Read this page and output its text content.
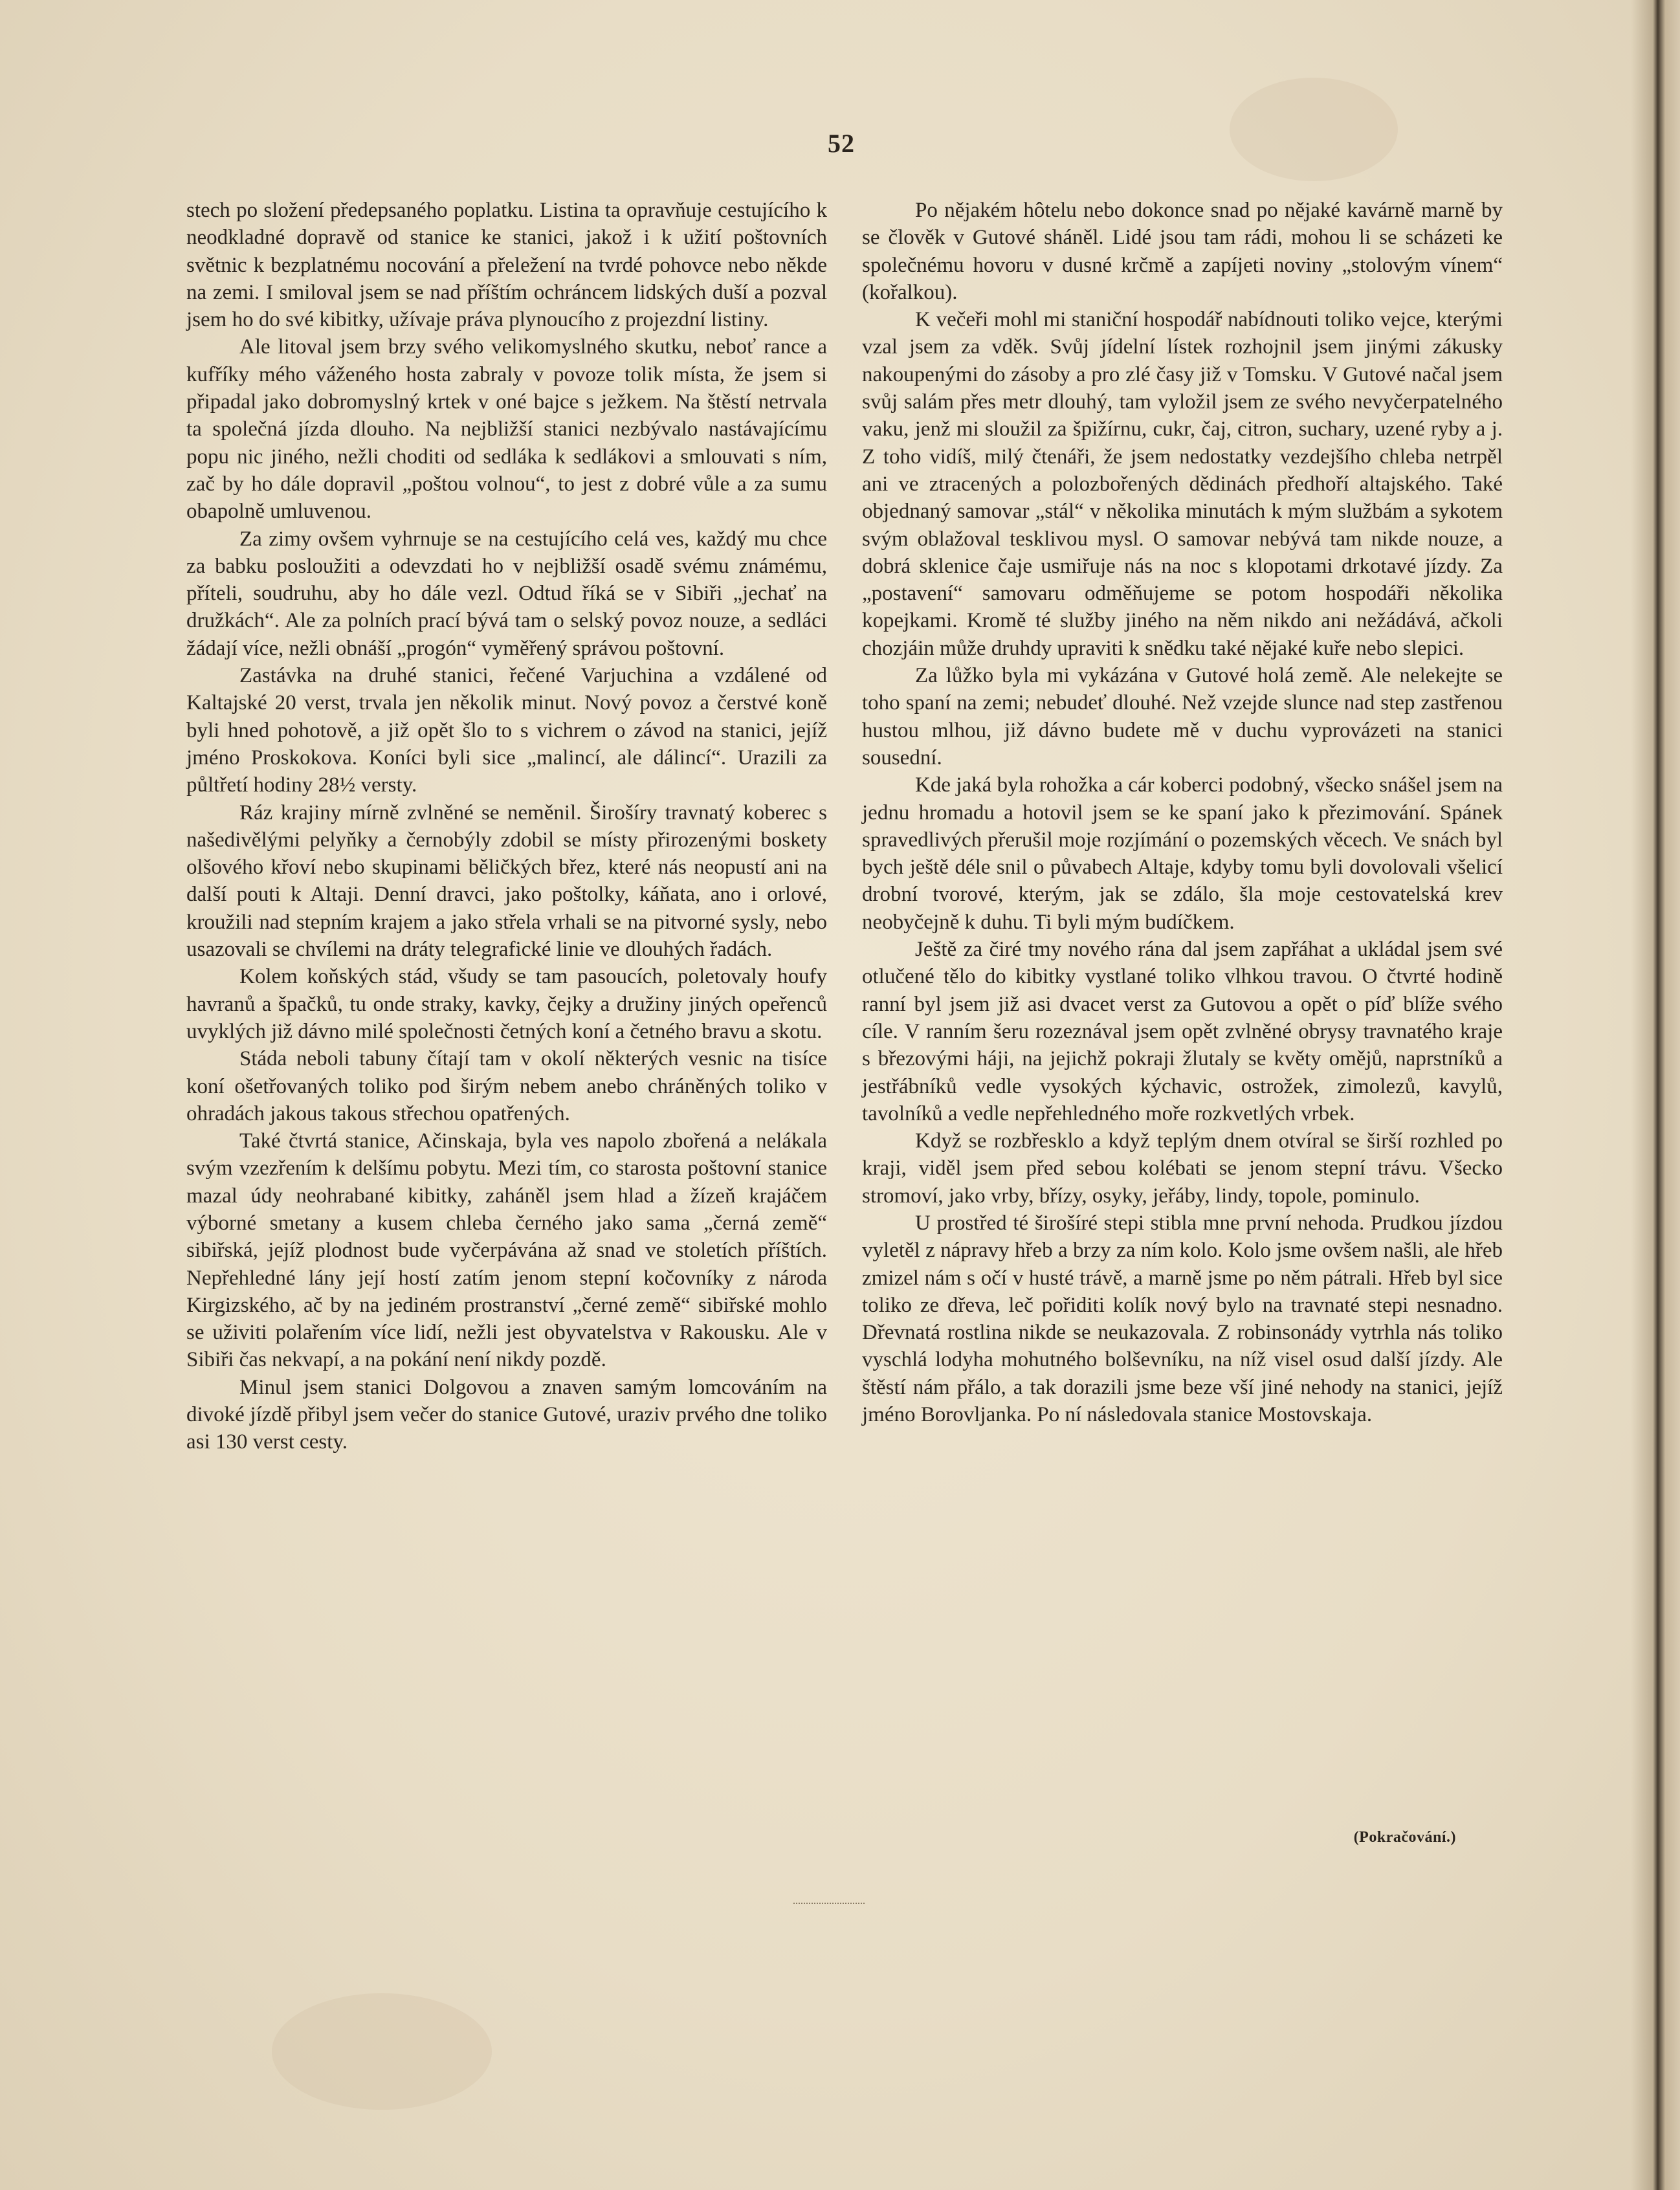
52

stech po složení předepsaného poplatku. Listina ta opravňuje cestujícího k neodkladné dopravě od stanice ke stanici, jakož i k užití poštovních světnic k bezplatnému nocování a přeležení na tvrdé pohovce nebo někde na zemi. I smiloval jsem se nad příštím ochráncem lidských duší a pozval jsem ho do své kibitky, užívaje práva plynoucího z projezdní listiny.

Ale litoval jsem brzy svého velikomyslného skutku, neboť rance a kufříky mého váženého hosta zabraly v povoze tolik místa, že jsem si připadal jako dobromyslný krtek v oné bajce s ježkem. Na štěstí netrvala ta společná jízda dlouho. Na nejbližší stanici nezbývalo nastávajícímu popu nic jiného, nežli choditi od sedláka k sedlákovi a smlouvati s ním, zač by ho dále dopravil „poštou volnou“, to jest z dobré vůle a za sumu obapolně umluvenou.

Za zimy ovšem vyhrnuje se na cestujícího celá ves, každý mu chce za babku posloužiti a odevzdati ho v nejbližší osadě svému známému, příteli, soudruhu, aby ho dále vezl. Odtud říká se v Sibiři „jechať na družkách“. Ale za polních prací bývá tam o selský povoz nouze, a sedláci žádají více, nežli obnáší „progón“ vyměřený správou poštovní.

Zastávka na druhé stanici, řečené Varjuchina a vzdálené od Kaltajské 20 verst, trvala jen několik minut. Nový povoz a čerstvé koně byli hned pohotově, a již opět šlo to s vichrem o závod na stanici, jejíž jméno Proskokova. Koníci byli sice „malincí, ale dálincí“. Urazili za půltřetí hodiny 28½ versty.

Ráz krajiny mírně zvlněné se neměnil. Širošíry travnatý koberec s našedivělými pelyňky a černobýly zdobil se místy přirozenými boskety olšového křoví nebo skupinami běličkých břez, které nás neopustí ani na další pouti k Altaji. Denní dravci, jako poštolky, káňata, ano i orlové, kroužili nad stepním krajem a jako střela vrhali se na pitvorné sysly, nebo usazovali se chvílemi na dráty telegrafické linie ve dlouhých řadách.

Kolem koňských stád, všudy se tam pasoucích, poletovaly houfy havranů a špačků, tu onde straky, kavky, čejky a družiny jiných opeřenců uvyklých již dávno milé společnosti četných koní a četného bravu a skotu.

Stáda neboli tabuny čítají tam v okolí některých vesnic na tisíce koní ošetřovaných toliko pod širým nebem anebo chráněných toliko v ohradách jakous takous střechou opatřených.

Také čtvrtá stanice, Ačinskaja, byla ves napolo zbořená a nelákala svým vzezřením k delšímu pobytu. Mezi tím, co starosta poštovní stanice mazal údy neohrabané kibitky, zaháněl jsem hlad a žízeň krajáčem výborné smetany a kusem chleba černého jako sama „černá země“ sibiřská, jejíž plodnost bude vyčerpávána až snad ve stoletích příštích. Nepřehledné lány její hostí zatím jenom stepní kočovníky z národa Kirgizského, ač by na jediném prostranství „černé země“ sibiřské mohlo se uživiti polařením více lidí, nežli jest obyvatelstva v Rakousku. Ale v Sibiři čas nekvapí, a na pokání není nikdy pozdě.

Minul jsem stanici Dolgovou a znaven samým lomcováním na divoké jízdě přibyl jsem večer do stanice Gutové, uraziv prvého dne toliko asi 130 verst cesty.

Po nějakém hôtelu nebo dokonce snad po nějaké kavárně marně by se člověk v Gutové sháněl. Lidé jsou tam rádi, mohou li se scházeti ke společnému hovoru v dusné krčmě a zapíjeti noviny „stolovým vínem“ (kořalkou).

K večeři mohl mi staniční hospodář nabídnouti toliko vejce, kterými vzal jsem za vděk. Svůj jídelní lístek rozhojnil jsem jinými zákusky nakoupenými do zásoby a pro zlé časy již v Tomsku. V Gutové načal jsem svůj salám přes metr dlouhý, tam vyložil jsem ze svého nevyčerpatelného vaku, jenž mi sloužil za špižírnu, cukr, čaj, citron, suchary, uzené ryby a j. Z toho vidíš, milý čtenáři, že jsem nedostatky vezdejšího chleba netrpěl ani ve ztracených a polozbořených dědinách předhoří altajského. Také objednaný samovar „stál“ v několika minutách k mým službám a sykotem svým oblažoval tesklivou mysl. O samovar nebývá tam nikde nouze, a dobrá sklenice čaje usmiřuje nás na noc s klopotami drkotavé jízdy. Za „postavení“ samovaru odměňujeme se potom hospodáři několika kopejkami. Kromě té služby jiného na něm nikdo ani nežádává, ačkoli chozjáin může druhdy upraviti k snědku také nějaké kuře nebo slepici.

Za lůžko byla mi vykázána v Gutové holá země. Ale nelekejte se toho spaní na zemi; nebudeť dlouhé. Než vzejde slunce nad step zastřenou hustou mlhou, již dávno budete mě v duchu vyprovázeti na stanici sousední.

Kde jaká byla rohožka a cár koberci podobný, všecko snášel jsem na jednu hromadu a hotovil jsem se ke spaní jako k přezimování. Spánek spravedlivých přerušil moje rozjímání o pozemských věcech. Ve snách byl bych ještě déle snil o půvabech Altaje, kdyby tomu byli dovolovali všelicí drobní tvorové, kterým, jak se zdálo, šla moje cestovatelská krev neobyčejně k duhu. Ti byli mým budíčkem.

Ještě za čiré tmy nového rána dal jsem zapřáhat a ukládal jsem své otlučené tělo do kibitky vystlané toliko vlhkou travou. O čtvrté hodině ranní byl jsem již asi dvacet verst za Gutovou a opět o píď blíže svého cíle. V ranním šeru rozeznával jsem opět zvlněné obrysy travnatého kraje s březovými háji, na jejichž pokraji žlutaly se květy omějů, naprstníků a jestřábníků vedle vysokých kýchavic, ostrožek, zimolezů, kavylů, tavolníků a vedle nepřehledného moře rozkvetlých vrbek.

Když se rozbřesklo a když teplým dnem otvíral se širší rozhled po kraji, viděl jsem před sebou kolébati se jenom stepní trávu. Všecko stromoví, jako vrby, břízy, osyky, jeřáby, lindy, topole, pominulo.

U prostřed té širošíré stepi stibla mne první nehoda. Prudkou jízdou vyletěl z nápravy hřeb a brzy za ním kolo. Kolo jsme ovšem našli, ale hřeb zmizel nám s očí v husté trávě, a marně jsme po něm pátrali. Hřeb byl sice toliko ze dřeva, leč pořiditi kolík nový bylo na travnaté stepi nesnadno. Dřevnatá rostlina nikde se neukazovala. Z robinsonády vytrhla nás toliko vyschlá lodyha mohutného bolševníku, na níž visel osud další jízdy. Ale štěstí nám přálo, a tak dorazili jsme beze vší jiné nehody na stanici, jejíž jméno Borovljanka. Po ní následovala stanice Mostovskaja.

(Pokračování.)
